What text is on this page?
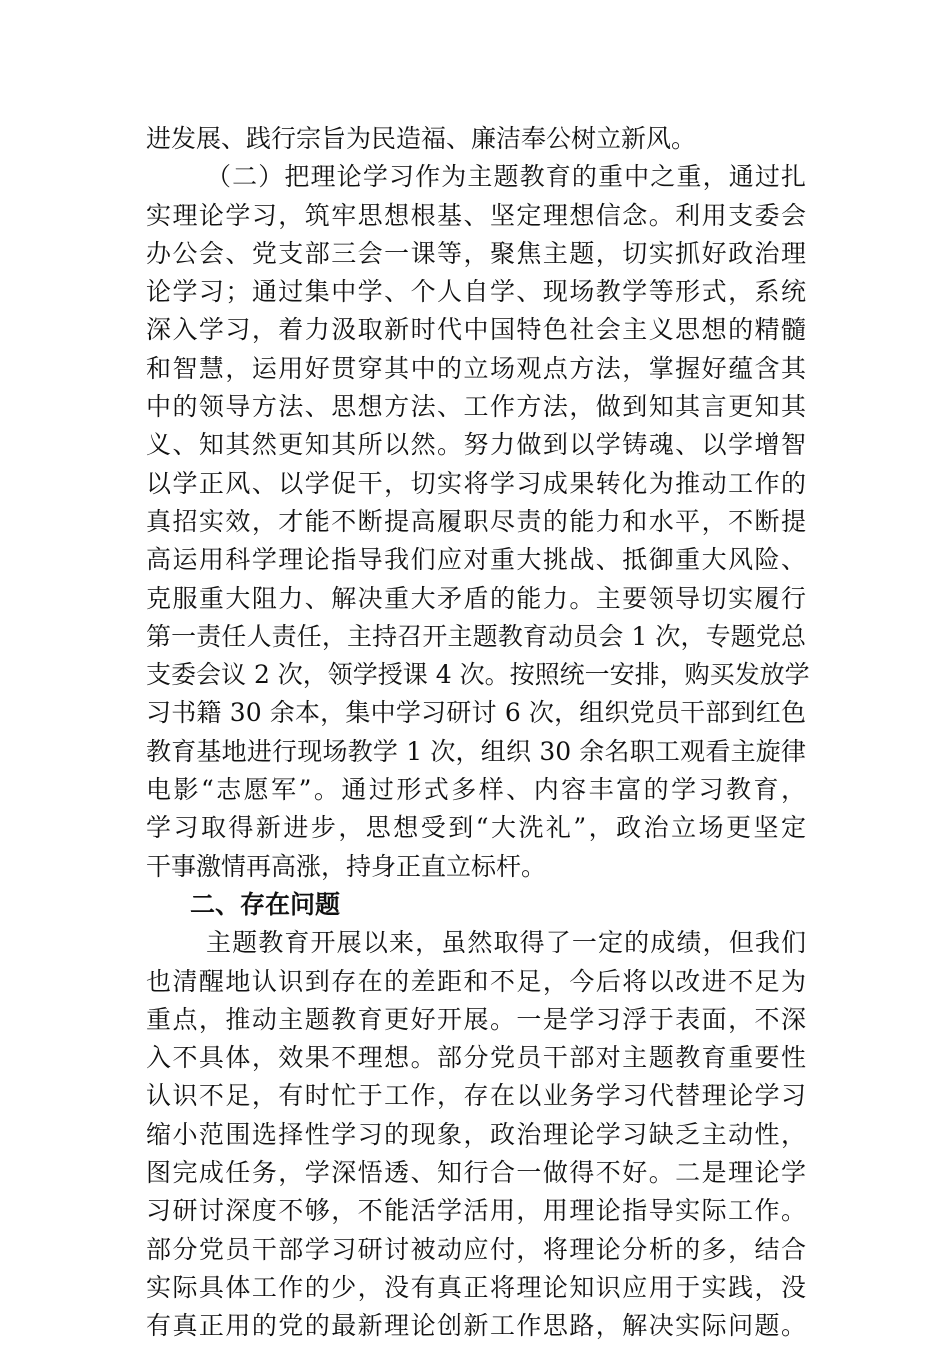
进发展、践行宗旨为民造福、廉洁奉公树立新风。
（二）把理论学习作为主题教育的重中之重，通过扎
实理论学习，筑牢思想根基、坚定理想信念。利用支委会
办公会、党支部三会一课等，聚焦主题，切实抓好政治理
论学习；通过集中学、个人自学、现场教学等形式，系统
深入学习，着力汲取新时代中国特色社会主义思想的精髓
和智慧，运用好贯穿其中的立场观点方法，掌握好蕴含其
中的领导方法、思想方法、工作方法，做到知其言更知其
义、知其然更知其所以然。努力做到以学铸魂、以学增智
以学正风、以学促干，切实将学习成果转化为推动工作的
真招实效，才能不断提高履职尽责的能力和水平，不断提
高运用科学理论指导我们应对重大挑战、抵御重大风险、
克服重大阻力、解决重大矛盾的能力。主要领导切实履行
第一责任人责任，主持召开主题教育动员会 1 次，专题党总
支委会议 2 次，领学授课 4 次。按照统一安排，购买发放学
习书籍 30 余本，集中学习研讨 6 次，组织党员干部到红色
教育基地进行现场教学 1 次，组织 30 余名职工观看主旋律
电影“志愿军”。通过形式多样、内容丰富的学习教育，
学习取得新进步，思想受到“大洗礼”，政治立场更坚定
干事激情再高涨，持身正直立标杆。
二、存在问题
主题教育开展以来，虽然取得了一定的成绩，但我们
也清醒地认识到存在的差距和不足，今后将以改进不足为
重点，推动主题教育更好开展。一是学习浮于表面，不深
入不具体，效果不理想。部分党员干部对主题教育重要性
认识不足，有时忙于工作，存在以业务学习代替理论学习
缩小范围选择性学习的现象，政治理论学习缺乏主动性，
图完成任务，学深悟透、知行合一做得不好。二是理论学
习研讨深度不够，不能活学活用，用理论指导实际工作。
部分党员干部学习研讨被动应付，将理论分析的多，结合
实际具体工作的少，没有真正将理论知识应用于实践，没
有真正用的党的最新理论创新工作思路，解决实际问题。
